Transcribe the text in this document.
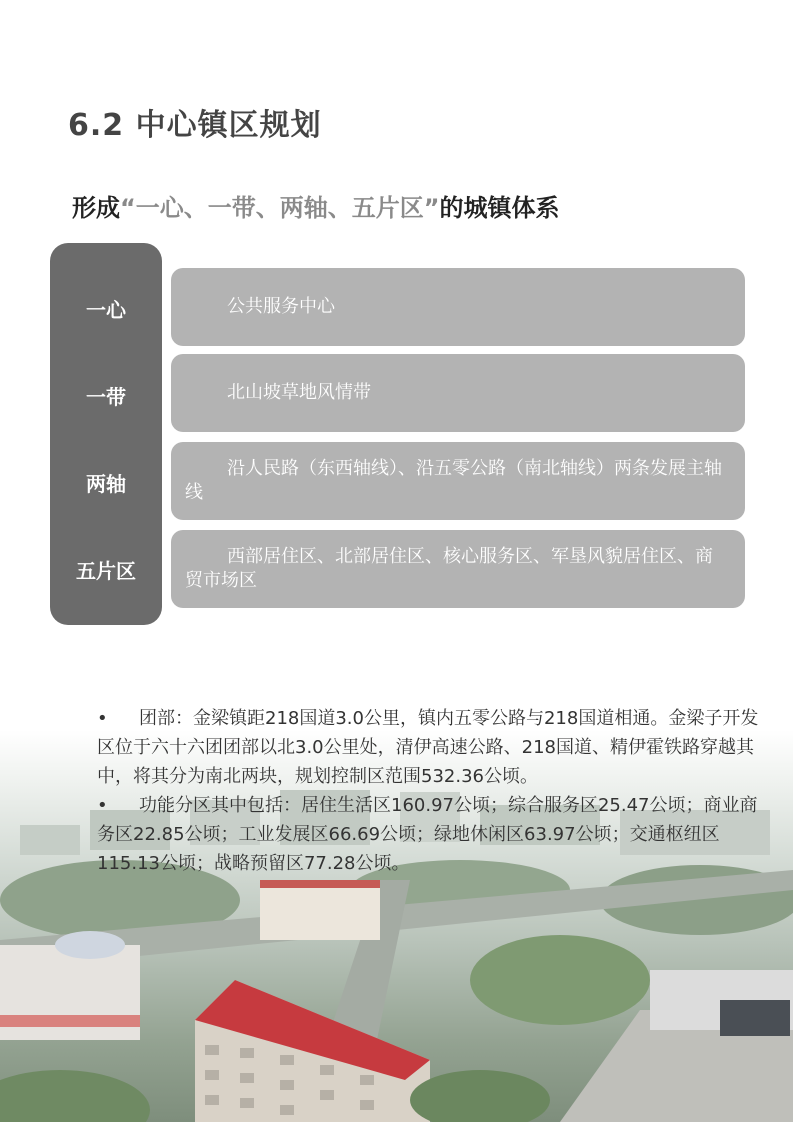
6.2 中心镇区规划
形成“一心、一带、两轴、五片区”的城镇体系
一心
一带
两轴
五片区
公共服务中心
北山坡草地风情带
沿人民路（东西轴线）、沿五零公路（南北轴线）两条发展主轴线
西部居住区、北部居住区、核心服务区、军垦风貌居住区、商贸市场区

• 团部：金梁镇距218国道3.0公里，镇内五零公路与218国道相通。金梁子开发区位于六十六团团部以北3.0公里处，清伊高速公路、218国道、精伊霍铁路穿越其中，将其分为南北两块，规划控制区范围532.36公顷。

• 功能分区其中包括：居住生活区160.97公顷；综合服务区25.47公顷；商业商务区22.85公顷；工业发展区66.69公顷；绿地休闲区63.97公顷；交通枢纽区115.13公顷；战略预留区77.28公顷。
